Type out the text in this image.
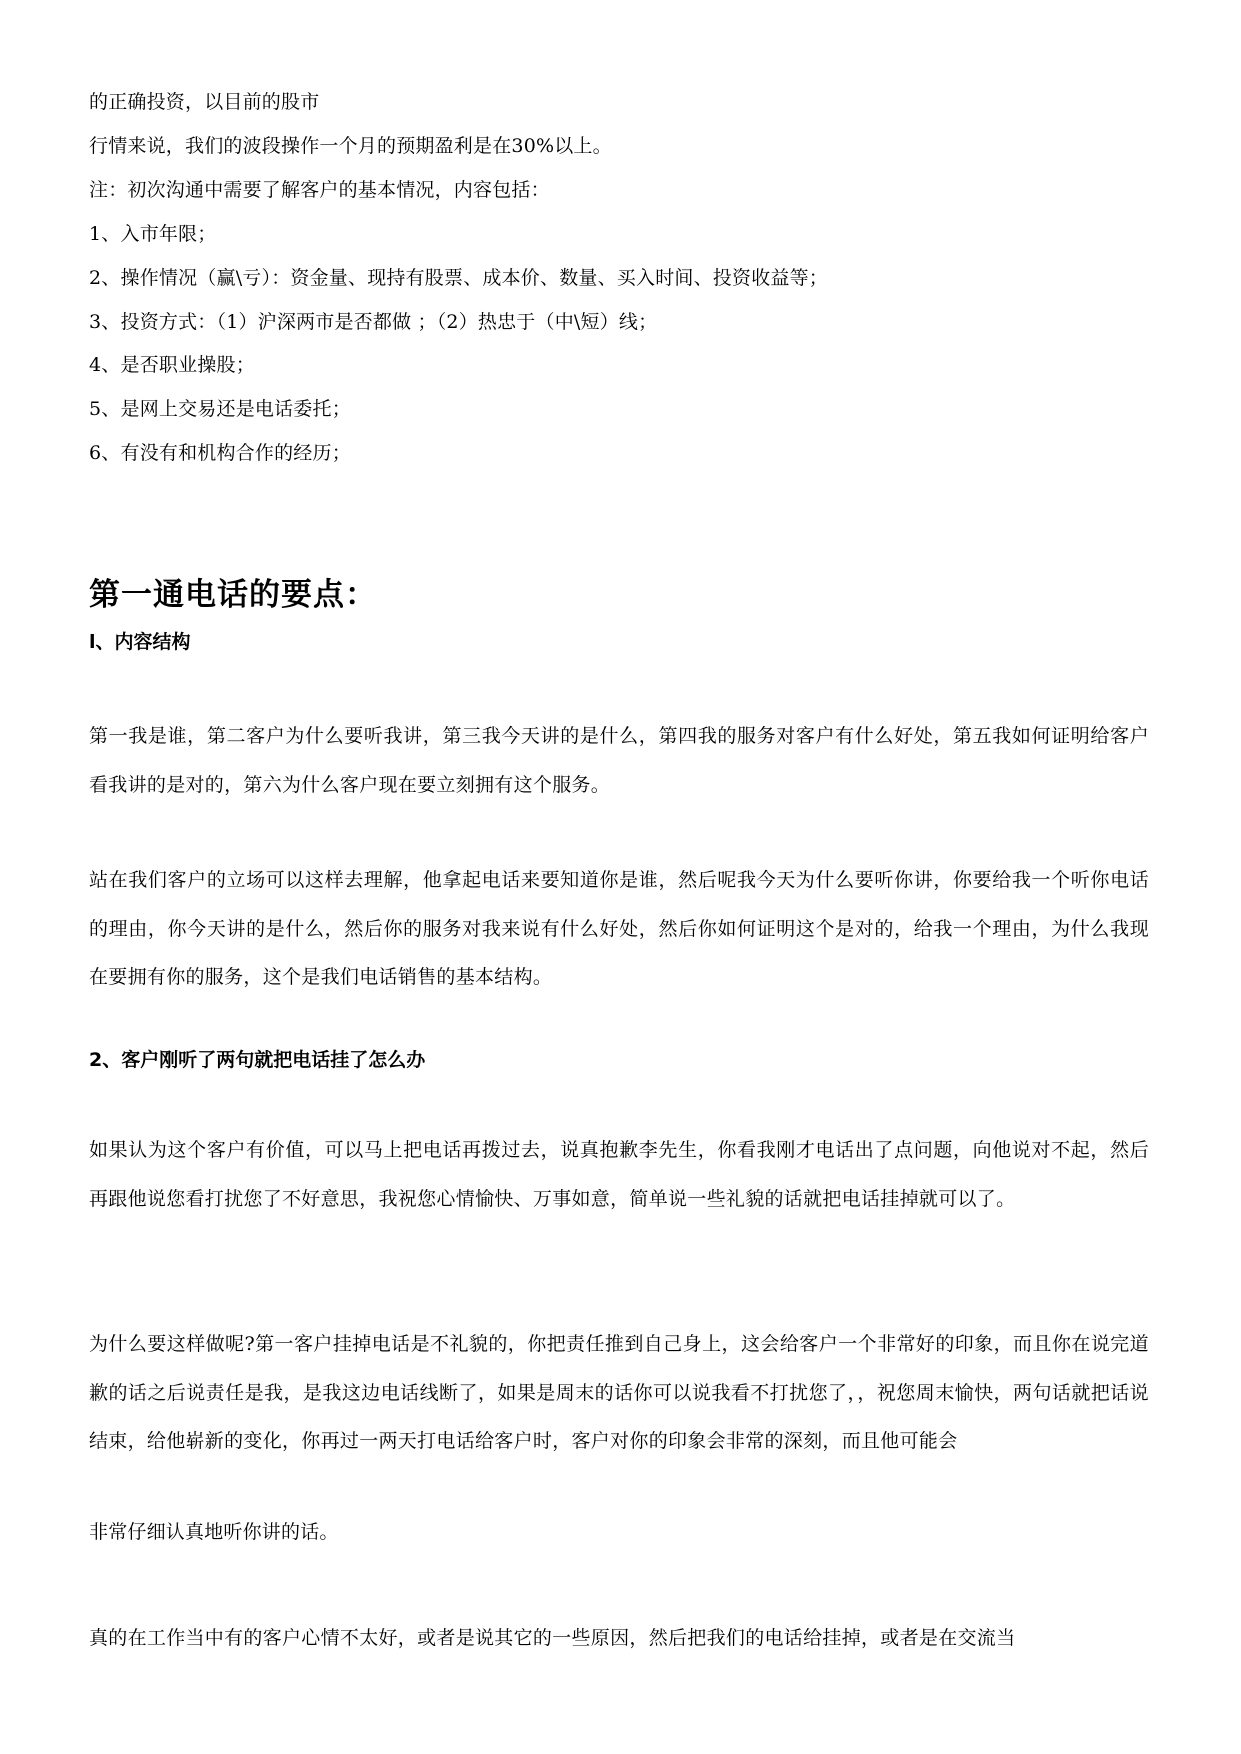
的正确投资，以目前的股市
行情来说，我们的波段操作一个月的预期盈利是在30%以上。
注：初次沟通中需要了解客户的基本情况，内容包括：
1、入市年限；
2、操作情况（赢\亏）：资金量、现持有股票、成本价、数量、买入时间、投资收益等；
3、投资方式：（1）沪深两市是否都做 ；（2）热忠于（中\短）线；
4、是否职业操股；
5、是网上交易还是电话委托；
6、有没有和机构合作的经历；
第一通电话的要点：
l、内容结构
第一我是谁，第二客户为什么要听我讲，第三我今天讲的是什么，第四我的服务对客户有什么好处，第五我如何证明给客户看我讲的是对的，第六为什么客户现在要立刻拥有这个服务。
站在我们客户的立场可以这样去理解，他拿起电话来要知道你是谁，然后呢我今天为什么要听你讲，你要给我一个听你电话的理由，你今天讲的是什么，然后你的服务对我来说有什么好处，然后你如何证明这个是对的，给我一个理由，为什么我现在要拥有你的服务，这个是我们电话销售的基本结构。
2、客户刚听了两句就把电话挂了怎么办
如果认为这个客户有价值，可以马上把电话再拨过去，说真抱歉李先生，你看我刚才电话出了点问题，向他说对不起，然后再跟他说您看打扰您了不好意思，我祝您心情愉快、万事如意，简单说一些礼貌的话就把电话挂掉就可以了。
为什么要这样做呢?第一客户挂掉电话是不礼貌的，你把责任推到自己身上，这会给客户一个非常好的印象，而且你在说完道歉的话之后说责任是我，是我这边电话线断了，如果是周末的话你可以说我看不打扰您了，，祝您周末愉快，两句话就把话说结束，给他崭新的变化，你再过一两天打电话给客户时，客户对你的印象会非常的深刻，而且他可能会
非常仔细认真地听你讲的话。
真的在工作当中有的客户心情不太好，或者是说其它的一些原因，然后把我们的电话给挂掉，或者是在交流当
